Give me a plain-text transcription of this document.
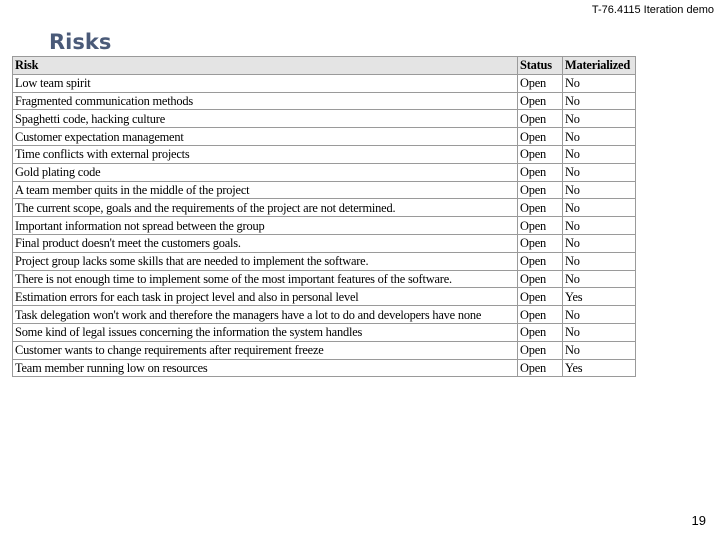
T-76.4115 Iteration demo
Risks
Risk	Status	Materialized
Low team spirit	Open	No
Fragmented communication methods	Open	No
Spaghetti code, hacking culture	Open	No
Customer expectation management	Open	No
Time conflicts with external projects	Open	No
Gold plating code	Open	No
A team member quits in the middle of the project	Open	No
The current scope, goals and the requirements of the project are not determined.	Open	No
Important information not spread between the group	Open	No
Final product doesn't meet the customers goals.	Open	No
Project group lacks some skills that are needed to implement the software.	Open	No
There is not enough time to implement some of the most important features of the software.	Open	No
Estimation errors for each task in project level and also in personal level	Open	Yes
Task delegation won't work and therefore the managers have a lot to do and developers have none	Open	No
Some kind of legal issues concerning the information the system handles	Open	No
Customer wants to change requirements after requirement freeze	Open	No
Team member running low on resources	Open	Yes
19
